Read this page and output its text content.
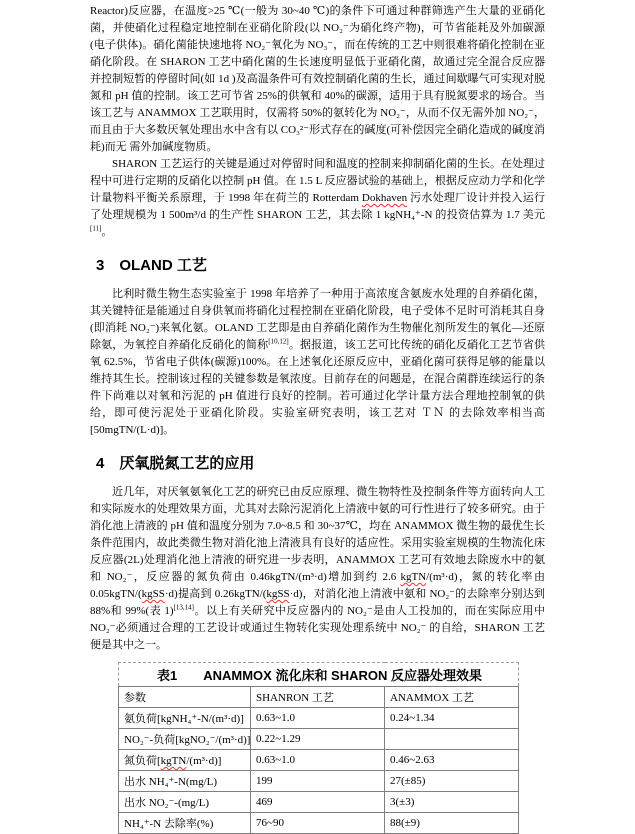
Reactor)反应器，在温度>25 ℃(一般为 30~40 ℃)的条件下可通过种群筛选产生大量的亚硝化菌，并使硝化过程稳定地控制在亚硝化阶段(以 NO₂⁻为硝化终产物)，可节省能耗及外加碳源(电子供体)。硝化菌能快速地将 NO₂⁻氧化为 NO₃⁻，而在传统的工艺中则很难将硝化控制在亚硝化阶段。在 SHARON 工艺中硝化菌的生长速度明显低于亚硝化菌，故通过完全混合反应器并控制短暂的停留时间(如 1d )及高温条件可有效控制硝化菌的生长，通过间歇曝气可实现对脱氮和 pH 值的控制。该工艺可节省 25%的供氧和 40%的碳源，适用于具有脱氮要求的场合。当该工艺与 ANAMMOX 工艺联用时，仅需将 50%的氨转化为 NO₂⁻，从而不仅无需外加 NO₂⁻，而且由于大多数厌氧处理出水中含有以 CO₃²⁻形式存在的碱度(可补偿因完全硝化造成的碱度消耗)而无 需外加碱度物质。

SHARON 工艺运行的关键是通过对停留时间和温度的控制来抑制硝化菌的生长。在处理过程中可进行定期的反硝化以控制 pH 值。在 1.5 L 反应器试验的基础上，根据反应动力学和化学计量物料平衡关系原理，于 1998 年在荷兰的 Rotterdam Dokhaven 污水处理厂设计并投入运行了处理规模为 1 500m³/d 的生产性 SHARON 工艺，其去除 1 kgNH₄⁺-N 的投资估算为 1.7 美元[11]。

3　OLAND 工艺

比利时微生物生态实验室于 1998 年培养了一种用于高浓度含氨废水处理的自养硝化菌，其关键特征是能通过自身供氧而将硝化过程控制在亚硝化阶段，电子受体不足时可消耗其自身(即消耗 NO₂⁻)来氧化氨。OLAND 工艺即是由自养硝化菌作为生物催化剂所发生的氧化—还原除氨，为氧控自养硝化反硝化的简称[10,12]。据报道，该工艺可比传统的硝化反硝化工艺节省供氧 62.5%，节省电子供体(碳源)100%。在上述氧化还原反应中，亚硝化菌可获得足够的能量以维持其生长。控制该过程的关键参数是氧浓度。目前存在的问题是，在混合菌群连续运行的条件下尚难以对氧和污泥的 pH 值进行良好的控制。若可通过化学计量方法合理地控制氧的供给，即可使污泥处于亚硝化阶段。实验室研究表明，该工艺对 ＴＮ 的去除效率相当高[50mgTN/(L·d)]。

4　厌氧脱氮工艺的应用

近几年，对厌氧氨氧化工艺的研究已由反应原理、微生物特性及控制条件等方面转向人工和实际废水的处理效果方面，尤其对去除污泥消化上清液中氨的可行性进行了较多研究。由于消化池上清液的 pH 值和温度分别为 7.0~8.5 和 30~37℃，均在 ANAMMOX 微生物的最优生长条件范围内，故此类微生物对消化池上清液具有良好的适应性。采用实验室规模的生物流化床反应器(2L)处理消化池上清液的研究进一步表明，ANAMMOX 工艺可有效地去除废水中的氨和 NO₂⁻，反应器的氮负荷由 0.46kgTN/(m³·d)增加到约 2.6 kgTN/(m³·d)，氮的转化率由 0.05kgTN/(kgSS·d)提高到 0.26kgTN/(kgSS·d)，对消化池上清液中氨和 NO₂⁻的去除率分别达到 88%和 99%(表 1)[13,14]。以上有关研究中反应器内的 NO₂⁻是由人工投加的，而在实际应用中 NO₂⁻必须通过合理的工艺设计或通过生物转化实现处理系统中 NO₂⁻ 的自给，SHARON 工艺便是其中之一。

表1　　ANAMMOX 流化床和 SHARON 反应器处理效果		
参数	SHANRON 工艺	ANAMMOX 工艺
氨负荷[kgNH₄⁺-N/(m³·d)]	0.63~1.0	0.24~1.34
NO₂⁻-负荷[kgNO₂⁻/(m³·d)]	0.22~1.29	
氮负荷[kgTN/(m³·d)]	0.63~1.0	0.46~2.63
出水 NH₄⁺-N(mg/L)	199	27(±85)
出水 NO₂⁻-(mg/L)	469	3(±3)
NH₄⁺-N 去除率(%)	76~90	88(±9)
